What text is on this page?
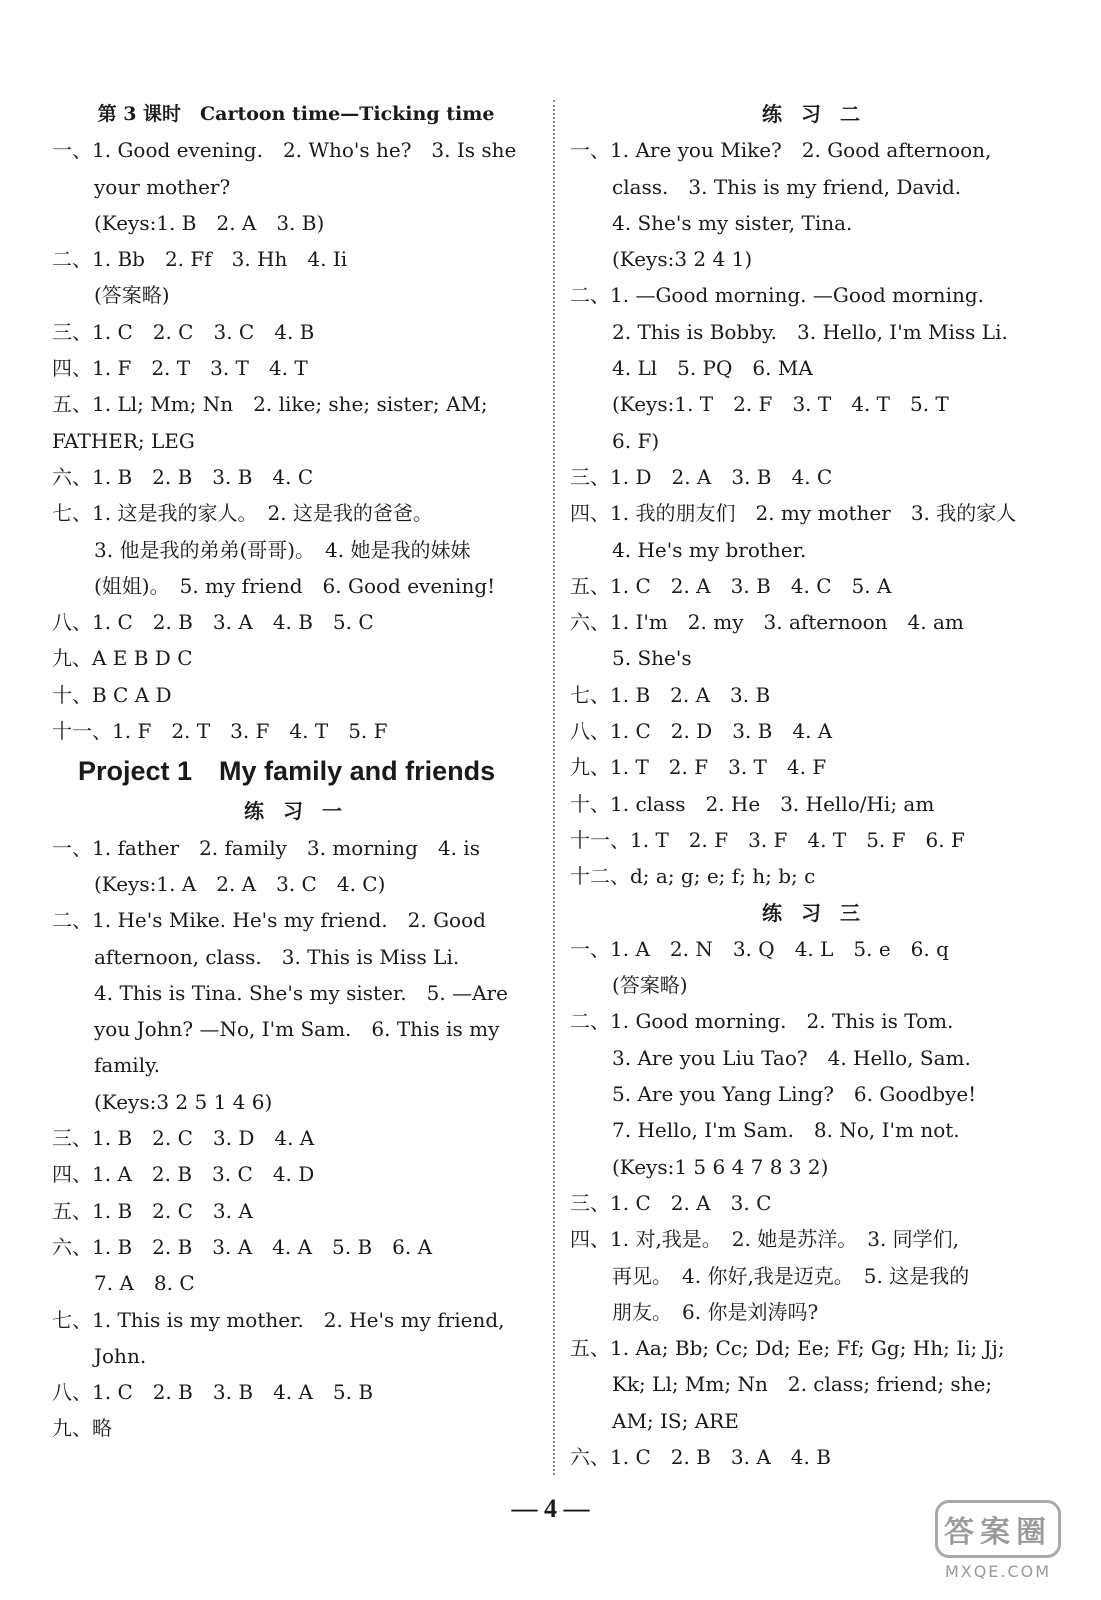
第 3 课时　Cartoon time—Ticking time
一、1. Good evening.　2. Who's he?　3. Is she
your mother?
(Keys:1. B　2. A　3. B)
二、1. Bb　2. Ff　3. Hh　4. Ii
(答案略)
三、1. C　2. C　3. C　4. B
四、1. F　2. T　3. T　4. T
五、1. Ll; Mm; Nn　2. like; she; sister; AM;
FATHER; LEG
六、1. B　2. B　3. B　4. C
七、1. 这是我的家人。　2. 这是我的爸爸。
3. 他是我的弟弟(哥哥)。　4. 她是我的妹妹
(姐姐)。　5. my friend　6. Good evening!
八、1. C　2. B　3. A　4. B　5. C
九、A E B D C
十、B C A D
十一、1. F　2. T　3. F　4. T　5. F
Project 1　My family and friends
练 习 一
一、1. father　2. family　3. morning　4. is
(Keys:1. A　2. A　3. C　4. C)
二、1. He's Mike. He's my friend.　2. Good
afternoon, class.　3. This is Miss Li.
4. This is Tina. She's my sister.　5. —Are
you John? —No, I'm Sam.　6. This is my
family.
(Keys:3 2 5 1 4 6)
三、1. B　2. C　3. D　4. A
四、1. A　2. B　3. C　4. D
五、1. B　2. C　3. A
六、1. B　2. B　3. A　4. A　5. B　6. A
7. A　8. C
七、1. This is my mother.　2. He's my friend,
John.
八、1. C　2. B　3. B　4. A　5. B
九、略
练 习 二
一、1. Are you Mike?　2. Good afternoon,
class.　3. This is my friend, David.
4. She's my sister, Tina.
(Keys:3 2 4 1)
二、1. —Good morning. —Good morning.
2. This is Bobby.　3. Hello, I'm Miss Li.
4. Ll　5. PQ　6. MA
(Keys:1. T　2. F　3. T　4. T　5. T
6. F)
三、1. D　2. A　3. B　4. C
四、1. 我的朋友们　2. my mother　3. 我的家人
4. He's my brother.
五、1. C　2. A　3. B　4. C　5. A
六、1. I'm　2. my　3. afternoon　4. am
5. She's
七、1. B　2. A　3. B
八、1. C　2. D　3. B　4. A
九、1. T　2. F　3. T　4. F
十、1. class　2. He　3. Hello/Hi; am
十一、1. T　2. F　3. F　4. T　5. F　6. F
十二、d; a; g; e; f; h; b; c
练 习 三
一、1. A　2. N　3. Q　4. L　5. e　6. q
(答案略)
二、1. Good morning.　2. This is Tom.
3. Are you Liu Tao?　4. Hello, Sam.
5. Are you Yang Ling?　6. Goodbye!
7. Hello, I'm Sam.　8. No, I'm not.
(Keys:1 5 6 4 7 8 3 2)
三、1. C　2. A　3. C
四、1. 对,我是。　2. 她是苏洋。　3. 同学们,
再见。　4. 你好,我是迈克。　5. 这是我的
朋友。　6. 你是刘涛吗?
五、1. Aa; Bb; Cc; Dd; Ee; Ff; Gg; Hh; Ii; Jj;
Kk; Ll; Mm; Nn　2. class; friend; she;
AM; IS; ARE
六、1. C　2. B　3. A　4. B
— 4 —
答案圈
MXQE.COM
